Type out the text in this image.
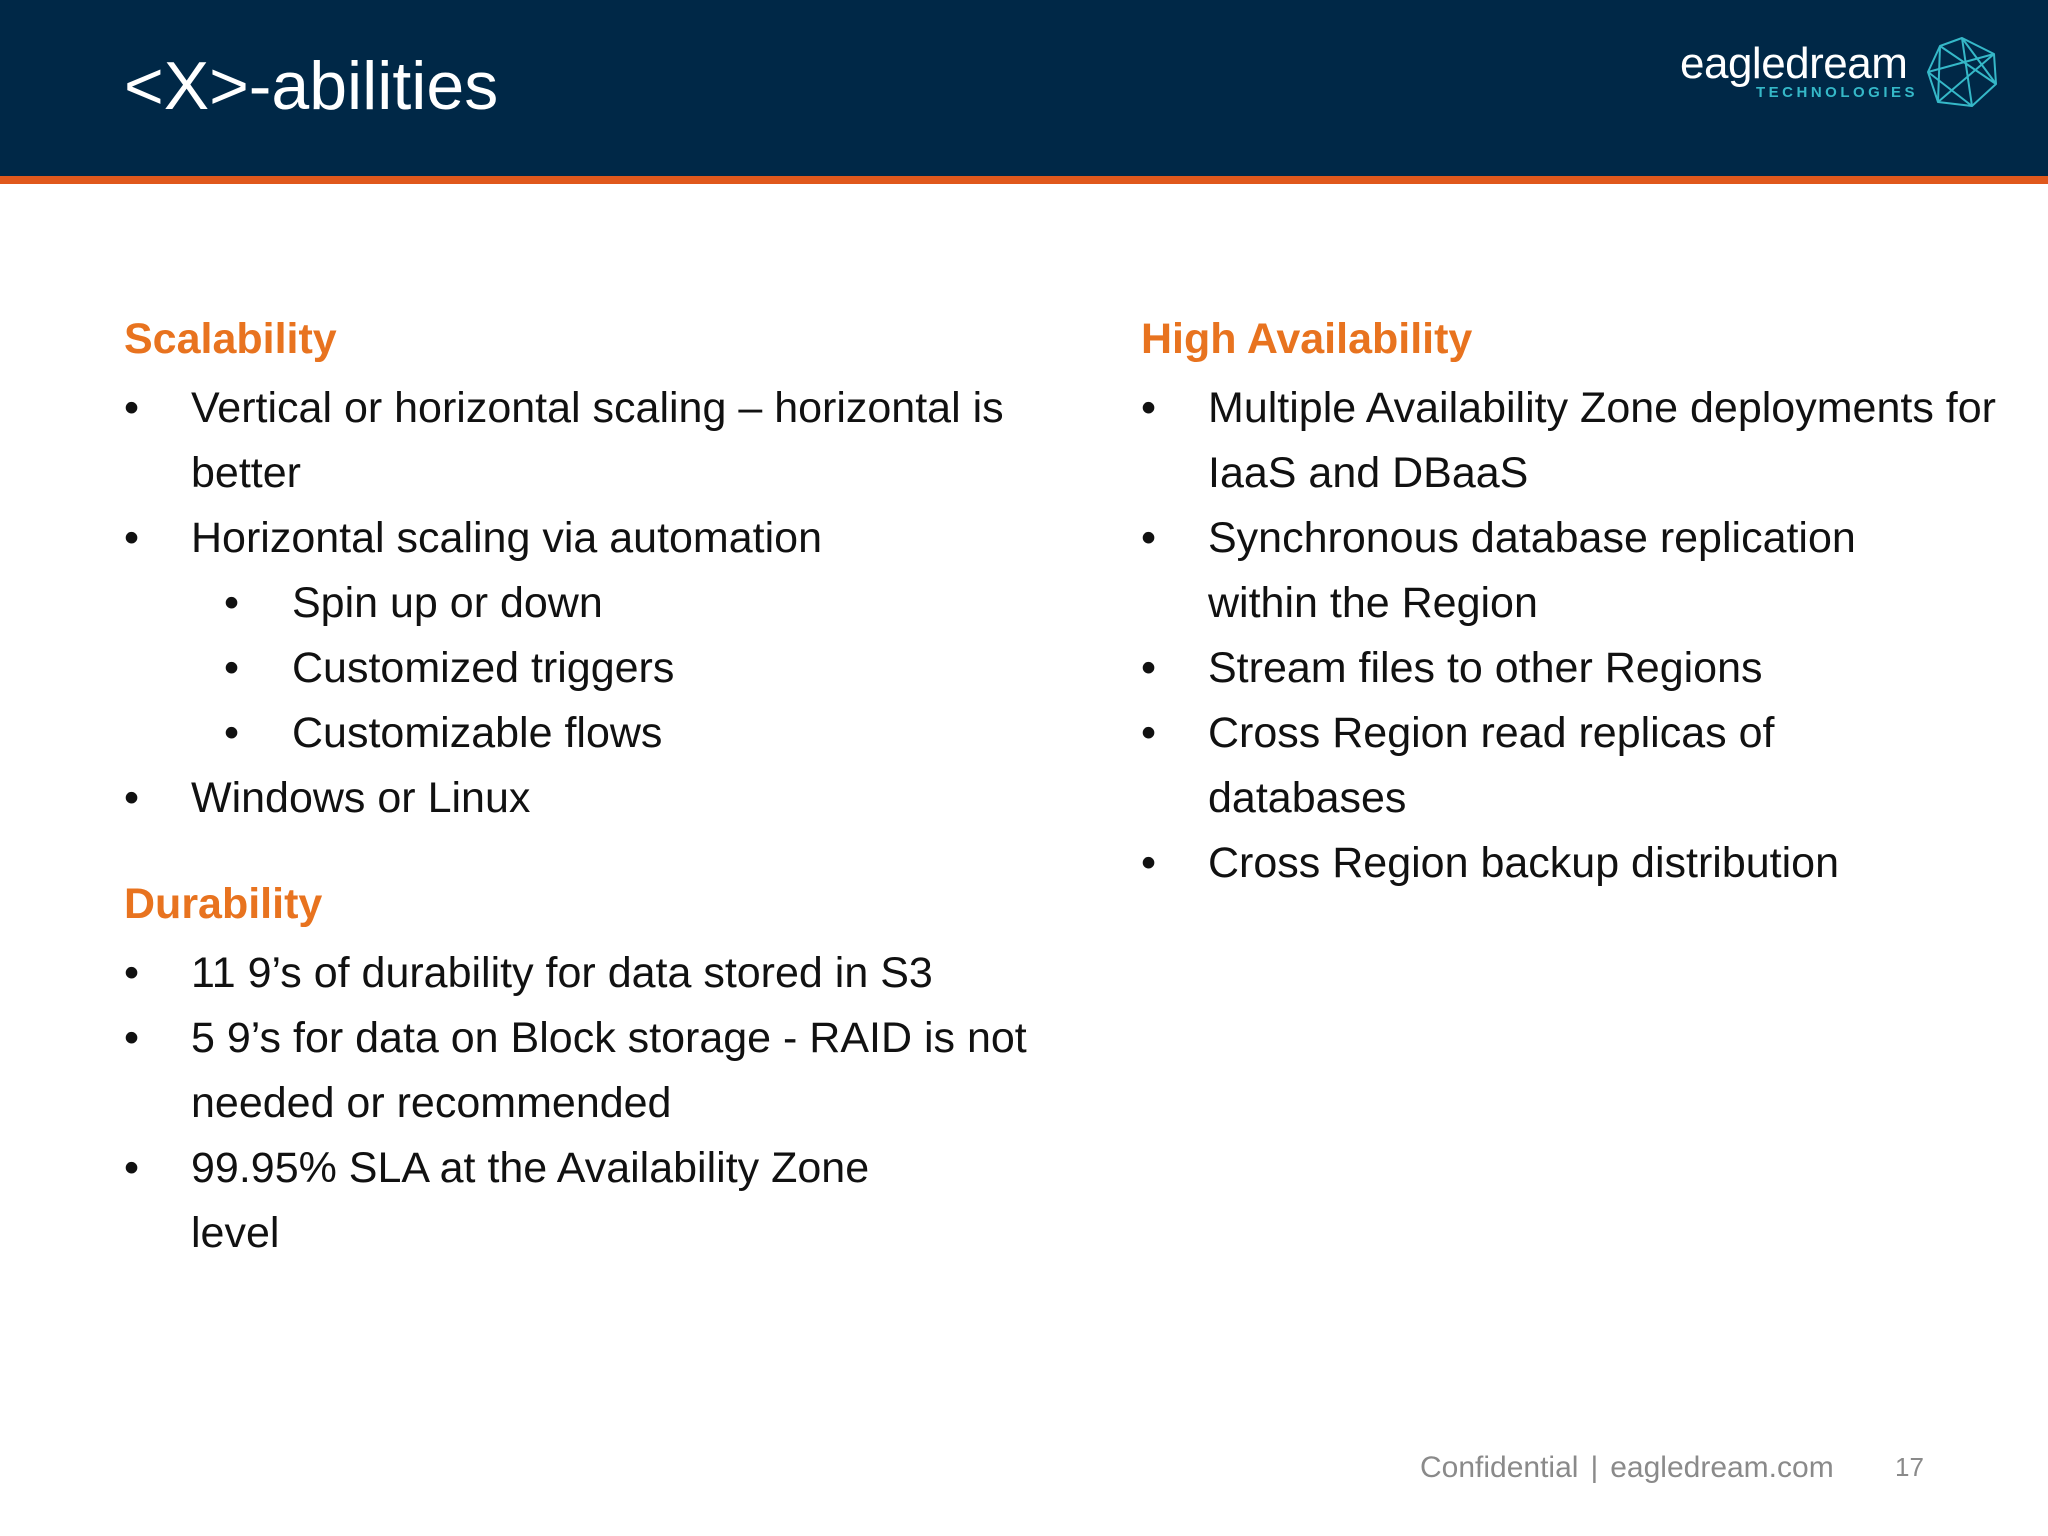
<X>-abilities	eagledream
TECHNOLOGIES
Scalability
• Vertical or horizontal scaling – horizontal is better
• Horizontal scaling via automation
• Spin up or down
• Customized triggers
• Customizable flows
• Windows or Linux
Durability
• 11 9’s of durability for data stored in S3
• 5 9’s for data on Block storage - RAID is not needed or recommended
• 99.95% SLA at the Availability Zone level
High Availability
• Multiple Availability Zone deployments for IaaS and DBaaS
• Synchronous database replication within the Region
• Stream files to other Regions
• Cross Region read replicas of databases
• Cross Region backup distribution
Confidential | eagledream.com 17
